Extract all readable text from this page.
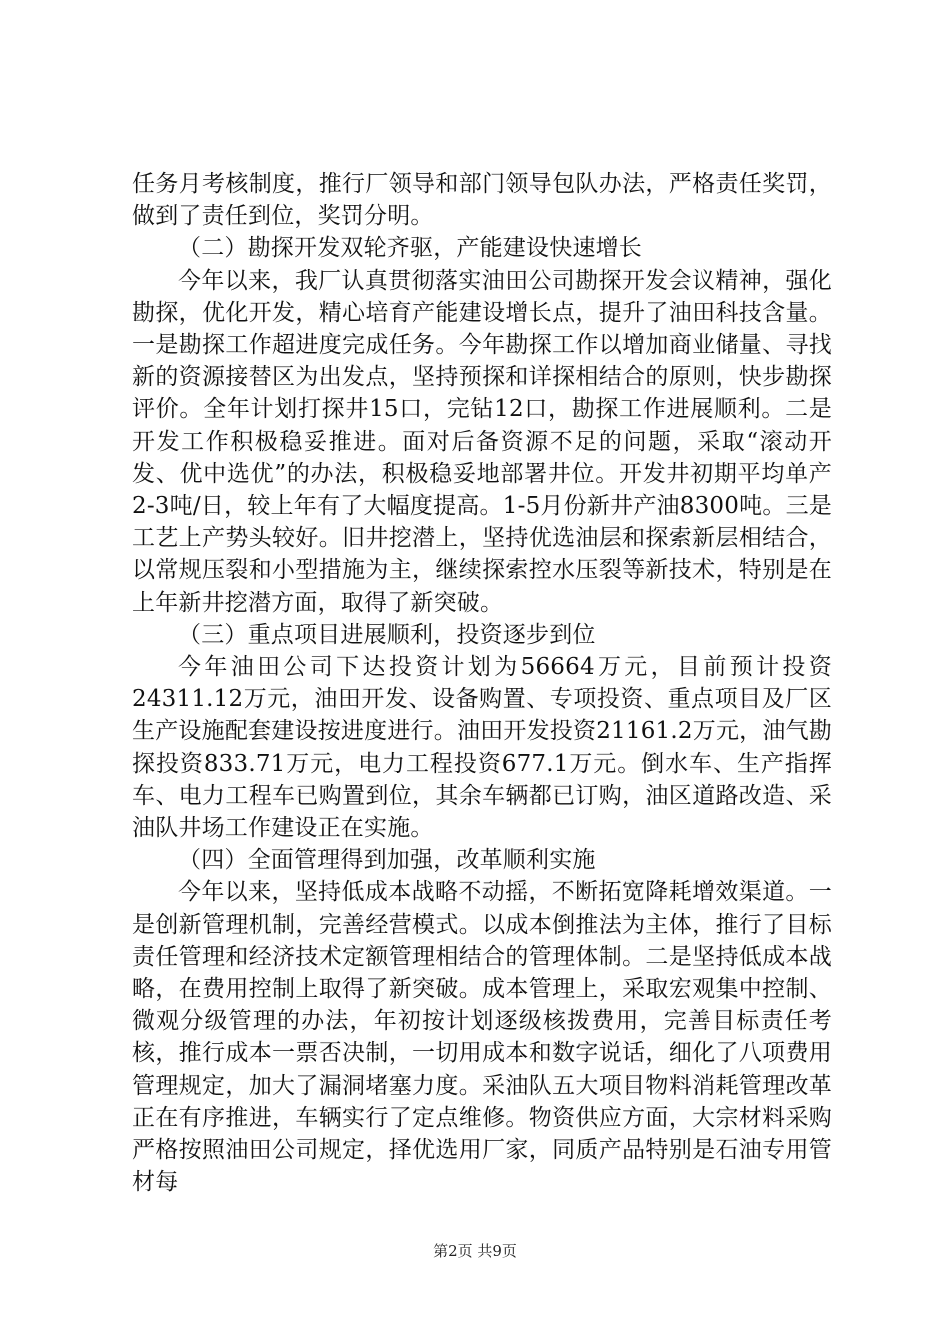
任务月考核制度，推行厂领导和部门领导包队办法，严格责任奖罚，做到了责任到位，奖罚分明。

（二）勘探开发双轮齐驱，产能建设快速增长

今年以来，我厂认真贯彻落实油田公司勘探开发会议精神，强化勘探，优化开发，精心培育产能建设增长点，提升了油田科技含量。一是勘探工作超进度完成任务。今年勘探工作以增加商业储量、寻找新的资源接替区为出发点，坚持预探和详探相结合的原则，快步勘探评价。全年计划打探井15口，完钻12口，勘探工作进展顺利。二是开发工作积极稳妥推进。面对后备资源不足的问题，采取“滚动开发、优中选优”的办法，积极稳妥地部署井位。开发井初期平均单产2-3吨/日，较上年有了大幅度提高。1-5月份新井产油8300吨。三是工艺上产势头较好。旧井挖潜上，坚持优选油层和探索新层相结合，以常规压裂和小型措施为主，继续探索控水压裂等新技术，特别是在上年新井挖潜方面，取得了新突破。

（三）重点项目进展顺利，投资逐步到位

今年油田公司下达投资计划为56664万元，目前预计投资24311.12万元，油田开发、设备购置、专项投资、重点项目及厂区生产设施配套建设按进度进行。油田开发投资21161.2万元，油气勘探投资833.71万元，电力工程投资677.1万元。倒水车、生产指挥车、电力工程车已购置到位，其余车辆都已订购，油区道路改造、采油队井场工作建设正在实施。

（四）全面管理得到加强，改革顺利实施

今年以来，坚持低成本战略不动摇，不断拓宽降耗增效渠道。一是创新管理机制，完善经营模式。以成本倒推法为主体，推行了目标责任管理和经济技术定额管理相结合的管理体制。二是坚持低成本战略，在费用控制上取得了新突破。成本管理上，采取宏观集中控制、微观分级管理的办法，年初按计划逐级核拨费用，完善目标责任考核，推行成本一票否决制，一切用成本和数字说话，细化了八项费用管理规定，加大了漏洞堵塞力度。采油队五大项目物料消耗管理改革正在有序推进，车辆实行了定点维修。物资供应方面，大宗材料采购严格按照油田公司规定，择优选用厂家，同质产品特别是石油专用管材每

第2页 共9页
